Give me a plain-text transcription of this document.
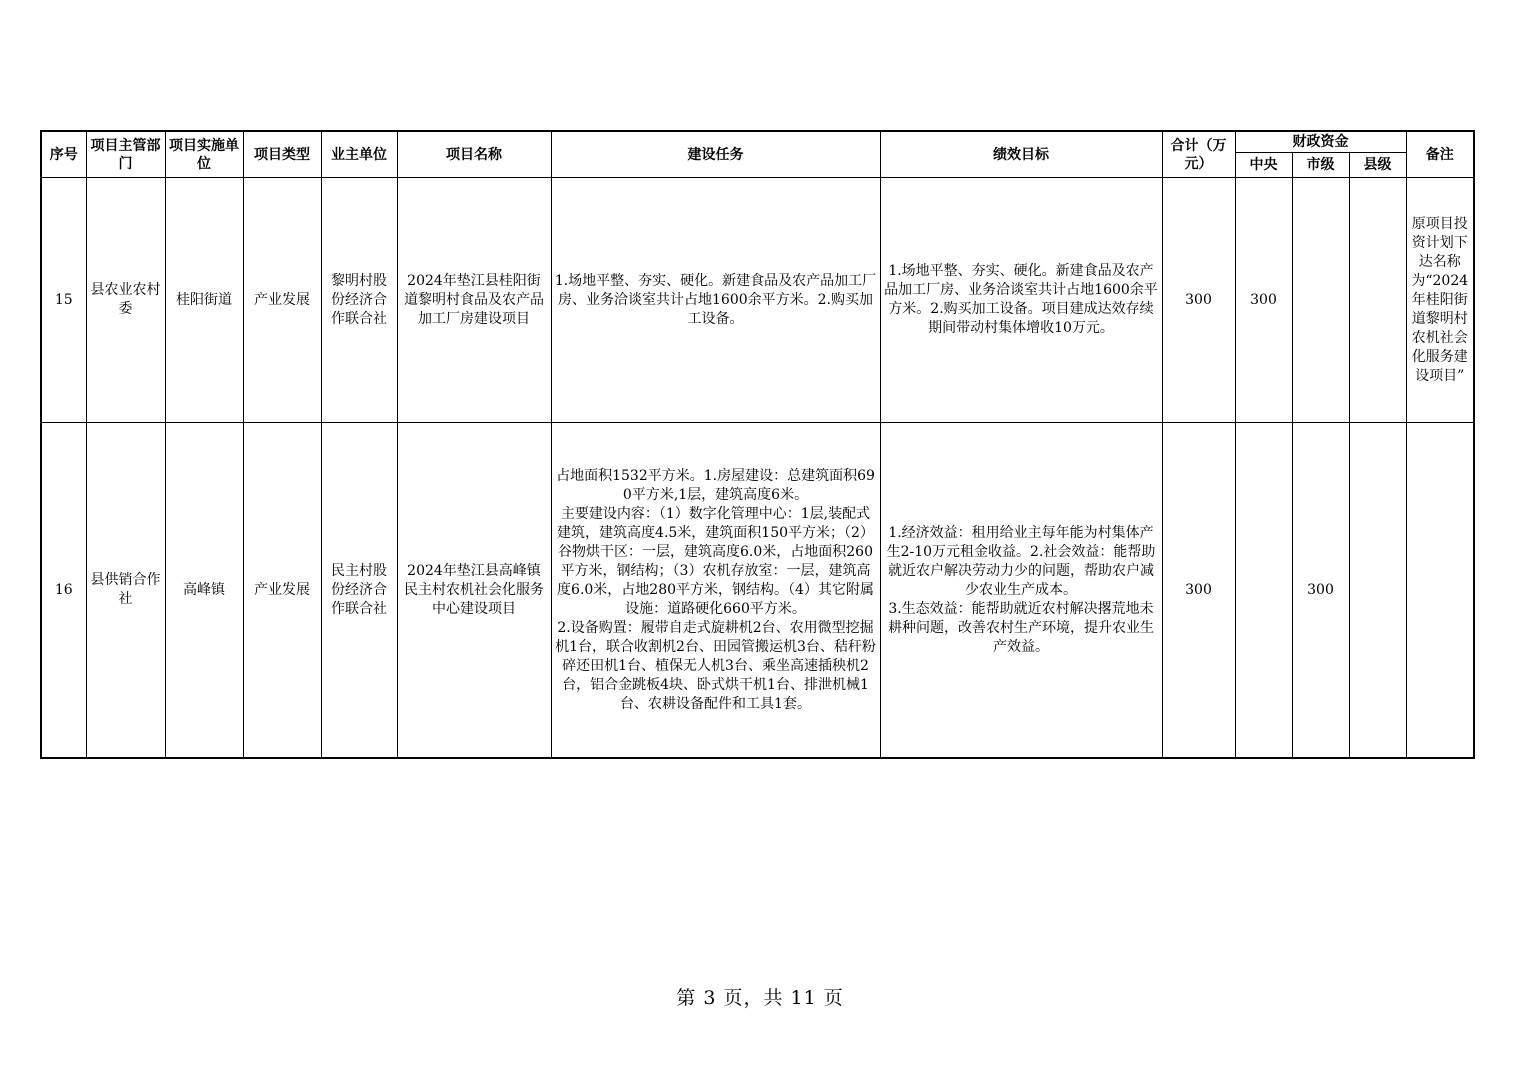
序号	项目主管部门	项目实施单位	项目类型	业主单位	项目名称	建设任务	绩效目标	合计（万元）	财政资金			备注
									中央	市级	县级	
15	县农业农村委	桂阳街道	产业发展	黎明村股份经济合作联合社	2024年垫江县桂阳街道黎明村食品及农产品加工厂房建设项目	1.场地平整、夯实、硬化。新建食品及农产品加工厂房、业务洽谈室共计占地1600余平方米。2.购买加工设备。	1.场地平整、夯实、硬化。新建食品及农产品加工厂房、业务洽谈室共计占地1600余平方米。2.购买加工设备。项目建成达效存续期间带动村集体增收10万元。	300	300			原项目投资计划下达名称为“2024年桂阳街道黎明村农机社会化服务建设项目”
16	县供销合作社	高峰镇	产业发展	民主村股份经济合作联合社	2024年垫江县高峰镇民主村农机社会化服务中心建设项目	占地面积1532平方米。1.房屋建设：总建筑面积690平方米,1层，建筑高度6米。
主要建设内容：（1）数字化管理中心：1层,装配式建筑，建筑高度4.5米，建筑面积150平方米；（2）谷物烘干区：一层，建筑高度6.0米，占地面积260平方米，钢结构；（3）农机存放室：一层，建筑高度6.0米，占地280平方米，钢结构。（4）其它附属设施：道路硬化660平方米。
2.设备购置：履带自走式旋耕机2台、农用微型挖掘机1台，联合收割机2台、田园管搬运机3台、秸秆粉碎还田机1台、植保无人机3台、乘坐高速插秧机2台，铝合金跳板4块、卧式烘干机1台、排泄机械1台、农耕设备配件和工具1套。	1.经济效益：租用给业主每年能为村集体产生2-10万元租金收益。2.社会效益：能帮助就近农户解决劳动力少的问题，帮助农户减少农业生产成本。
3.生态效益：能帮助就近农村解决撂荒地未耕种问题，改善农村生产环境，提升农业生产效益。	300		300		
第 3 页，共 11 页
